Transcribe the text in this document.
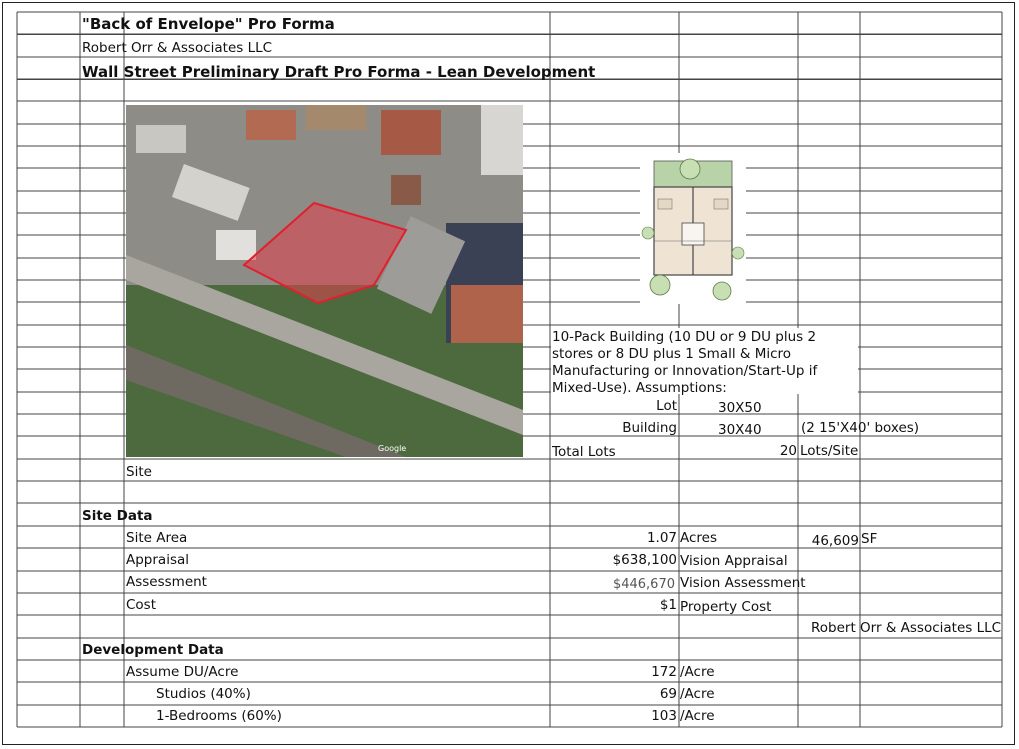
Google
"Back of Envelope" Pro Forma
Robert Orr & Associates LLC
Wall Street Preliminary Draft Pro Forma - Lean Development
10-Pack Building (10 DU or 9 DU plus 2 stores or 8 DU plus 1 Small & Micro Manufacturing or Innovation/Start-Up if Mixed-Use). Assumptions:
Lot	30X50
Building	30X40	(2 15'X40' boxes)
Total Lots	20 Lots/Site
Site
Site Data
Site Area	1.07 Acres	46,609 SF
Appraisal	$638,100 Vision Appraisal
Assessment	$446,670 Vision Assessment
Cost	$1 Property Cost
Robert Orr & Associates LLC
Development Data
Assume DU/Acre	172 /Acre
Studios (40%)	69 /Acre
1-Bedrooms (60%)	103 /Acre
